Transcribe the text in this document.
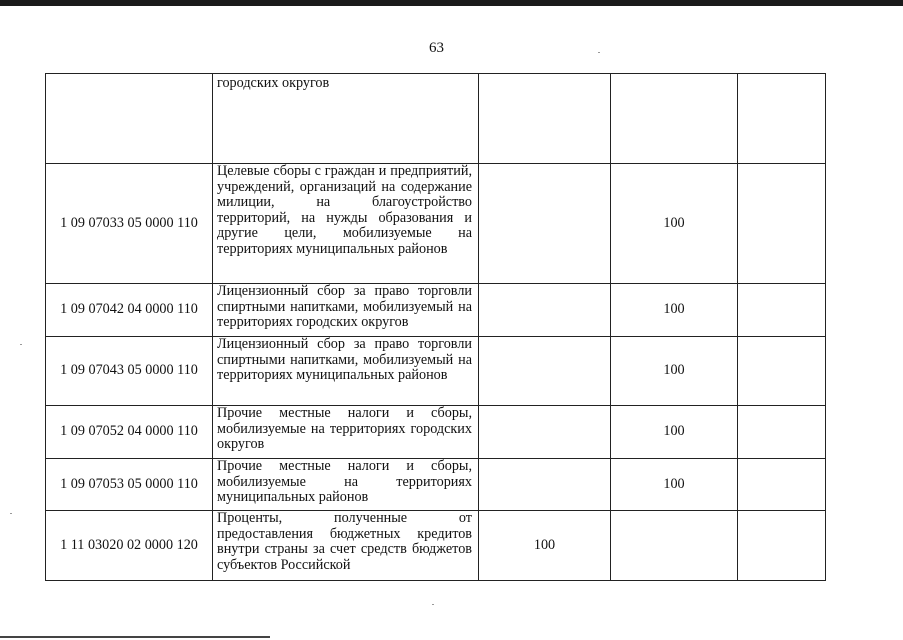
63
	городских округов			
1 09 07033 05 0000 110	Целевые сборы с граждан и предприятий, учреждений, организаций на содержание милиции, на благоустройство территорий, на нужды образования и другие цели, мобилизуемые на территориях муниципальных районов		100	
1 09 07042 04 0000 110	Лицензионный сбор за право торговли спиртными напитками, мобилизуемый на территориях городских округов		100	
1 09 07043 05 0000 110	Лицензионный сбор за право торговли спиртными напитками, мобилизуемый на территориях муниципальных районов		100	
1 09 07052 04 0000 110	Прочие местные налоги и сборы, мобилизуемые на территориях городских округов		100	
1 09 07053 05 0000 110	Прочие местные налоги и сборы, мобилизуемые на территориях муниципальных районов		100	
1 11 03020 02 0000 120	Проценты, полученные от предоставления бюджетных кредитов внутри страны за счет средств бюджетов субъектов Российской	100		
